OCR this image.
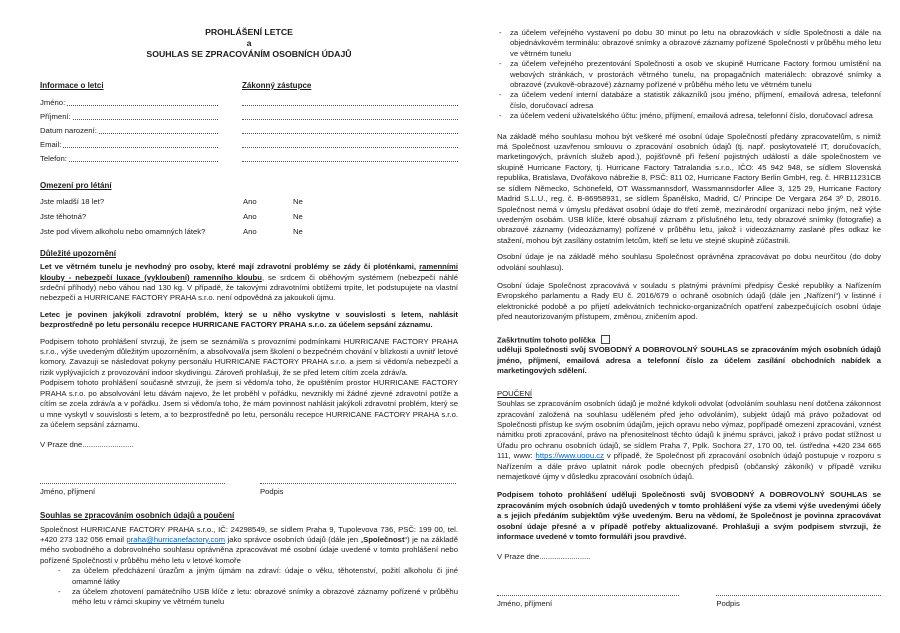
PROHLÁŠENÍ LETCE
a
SOUHLAS SE ZPRACOVÁNÍM OSOBNÍCH ÚDAJŮ
Informace o letci
Jméno:
Příjmení:
Datum narození:
Email:
Telefon:
Zákonný zástupce
Omezení pro létání
Jste mladší 18 let?	Ano	Ne
Jste těhotná?	Ano	Ne
Jste pod vlivem alkoholu nebo omamných látek?	Ano	Ne
Důležité upozornění

Let ve větrném tunelu je nevhodný pro osoby, které mají zdravotní problémy se zády či ploténkami, ramenními klouby - nebezpečí luxace (vykloubení) ramenního kloubu, se srdcem či oběhovým systémem (nebezpečí náhlé srdeční příhody) nebo váhou nad 130 kg. V případě, že takovými zdravotními obtížemi trpíte, let podstupujete na vlastní nebezpečí a HURRICANE FACTORY PRAHA s.r.o. není odpovědná za jakoukoli újmu.

Letec je povinen jakýkoli zdravotní problém, který se u něho vyskytne v souvislosti s letem, nahlásit bezprostředně po letu personálu recepce HURRICANE FACTORY PRAHA s.r.o. za účelem sepsání záznamu.

Podpisem tohoto prohlášení stvrzuji, že jsem se seznámil/a s provozními podmínkami HURRICANE FACTORY PRAHA s.r.o., výše uvedeným důležitým upozorněním, a absolvoval/a jsem školení o bezpečném chování v blízkosti a uvnitř letové komory. Zavazuji se následovat pokyny personálu HURRICANE FACTORY PRAHA s.r.o. a jsem si vědom/a nebezpečí a rizik vyplývajících z provozování indoor skydivingu. Zároveň prohlašuji, že se před letem cítím zcela zdráv/a.

Podpisem tohoto prohlášení současně stvrzuji, že jsem si vědom/a toho, že opuštěním prostor HURRICANE FACTORY PRAHA s.r.o. po absolvování letu dávám najevo, že let proběhl v pořádku, nevznikly mi žádné zjevné zdravotní potíže a cítím se zcela zdráv/a a v pořádku. Jsem si vědom/a toho, že mám povinnost nahlásit jakýkoli zdravotní problém, který se u mne vyskytl v souvislosti s letem, a to bezprostředně po letu, personálu recepce HURRICANE FACTORY PRAHA s.r.o. za účelem sepsání záznamu.

V Praze dne........................

Jméno, příjmení	Podpis
Souhlas se zpracováním osobních údajů a poučení

Společnost HURRICANE FACTORY PRAHA s.r.o., IČ: 24298549, se sídlem Praha 9, Tupolevova 736, PSČ: 199 00, tel. +420 273 132 056 email praha@hurricanefactory.com jako správce osobních údajů (dále jen „Společnost“) je na základě mého svobodného a dobrovolného souhlasu oprávněna zpracovávat mé osobní údaje uvedené v tomto prohlášení nebo pořízené Společností v průběhu mého letu v letové komoře

-	za účelem předcházení úrazům a jiným újmám na zdraví: údaje o věku, těhotenství, požití alkoholu či jiné omamné látky
-	za účelem zhotovení památečního USB klíče z letu: obrazové snímky a obrazové záznamy pořízené v průběhu mého letu v rámci skupiny ve větrném tunelu
-	za účelem veřejného vystavení po dobu 30 minut po letu na obrazovkách v sídle Společnosti a dále na objednávkovém terminálu: obrazové snímky a obrazové záznamy pořízené Společností v průběhu mého letu ve větrném tunelu
-	za účelem veřejného prezentování Společnosti a osob ve skupině Hurricane Factory formou umístění na webových stránkách, v prostorách větrného tunelu, na propagačních materiálech: obrazové snímky a obrazové (zvukově-obrazové) záznamy pořízené v průběhu mého letu ve větrném tunelu
-	za účelem vedení interní databáze a statistik zákazníků jsou jméno, příjmení, emailová adresa, telefonní číslo, doručovací adresa
-	za účelem vedení uživatelského účtu: jméno, příjmení, emailová adresa, telefonní číslo, doručovací adresa

Na základě mého souhlasu mohou být veškeré mé osobní údaje Společností předány zpracovatelům, s nimiž má Společnost uzavřenou smlouvu o zpracování osobních údajů (tj. např. poskytovatelé IT, doručovacích, marketingových, právních služeb apod.), pojišťovně při řešení pojistných událostí a dále společnostem ve skupině Hurricane Factory, tj. Hurricane Factory Tatralandia s.r.o., IČO: 45 942 948, se sídlem Slovenská republika, Bratislava, Dvořákovo nábrežie 8, PSČ: 811 02, Hurricane Factory Berlin GmbH, reg. č. HRB11231CB se sídlem Německo, Schönefeld, OT Wassmannsdorf, Wassmannsdorfer Allee 3, 125 29, Hurricane Factory Madrid S.L.U., reg. č. B-86958931, se sídlem Španělsko, Madrid, C/ Principe De Vergara 264 3º D, 28016. Společnost nemá v úmyslu předávat osobní údaje do třetí země, mezinárodní organizaci nebo jiným, než výše uvedeným osobám. USB klíče, které obsahují záznam z příslušného letu, tedy obrazové snímky (fotografie) a obrazové záznamy (videozáznamy) pořízené v průběhu letu, jakož i videozáznamy zaslané přes odkaz ke stažení, mohou být zasílány ostatním letcům, kteří se letu ve stejné skupině zúčastnili.

Osobní údaje je na základě mého souhlasu Společnost oprávněna zpracovávat po dobu neurčitou (do doby odvolání souhlasu).

Osobní údaje Společnost zpracovává v souladu s platnými právními předpisy České republiky a Nařízením Evropského parlamentu a Rady EU č. 2016/679 o ochraně osobních údajů (dále jen „Nařízení“) v listinné i elektronické podobě a po přijetí adekvátních technicko-organizačních opatření zabezpečujících osobní údaje před neautorizovaným přístupem, změnou, zničením apod.

Zaškrtnutím tohoto políčka

uděluji Společnosti svůj SVOBODNÝ A DOBROVOLNÝ SOUHLAS se zpracováním mých osobních údajů jméno, příjmení, emailová adresa a telefonní číslo za účelem zasílání obchodních nabídek a marketingových sdělení.

POUČENÍ

Souhlas se zpracováním osobních údajů je možné kdykoli odvolat (odvoláním souhlasu není dotčena zákonnost zpracování založená na souhlasu uděleném před jeho odvoláním), subjekt údajů má právo požadovat od Společnosti přístup ke svým osobním údajům, jejich opravu nebo výmaz, popřípadě omezení zpracování, vznést námitku proti zpracování, právo na přenositelnost těchto údajů k jinému správci, jakož i právo podat stížnost u Úřadu pro ochranu osobních údajů, se sídlem Praha 7, Pplk. Sochora 27, 170 00, tel. ústředna +420 234 665 111, www: https://www.uoou.cz v případě, že Společnost při zpracování osobních údajů postupuje v rozporu s Nařízením a dále právo uplatnit nárok podle obecných předpisů (občanský zákoník) v případě vzniku nemajetkové újmy v důsledku zpracování osobních údajů.

Podpisem tohoto prohlášení uděluji Společnosti svůj SVOBODNÝ A DOBROVOLNÝ SOUHLAS se zpracováním mých osobních údajů uvedených v tomto prohlášení výše za všemi výše uvedenými účely a s jejich předáním subjektům výše uvedeným. Beru na vědomí, že Společnost je povinna zpracovávat osobní údaje přesné a v případě potřeby aktualizované. Prohlašuji a svým podpisem stvrzuji, že informace uvedené v tomto formuláři jsou pravdivé.

V Praze dne........................

Jméno, příjmení	Podpis
